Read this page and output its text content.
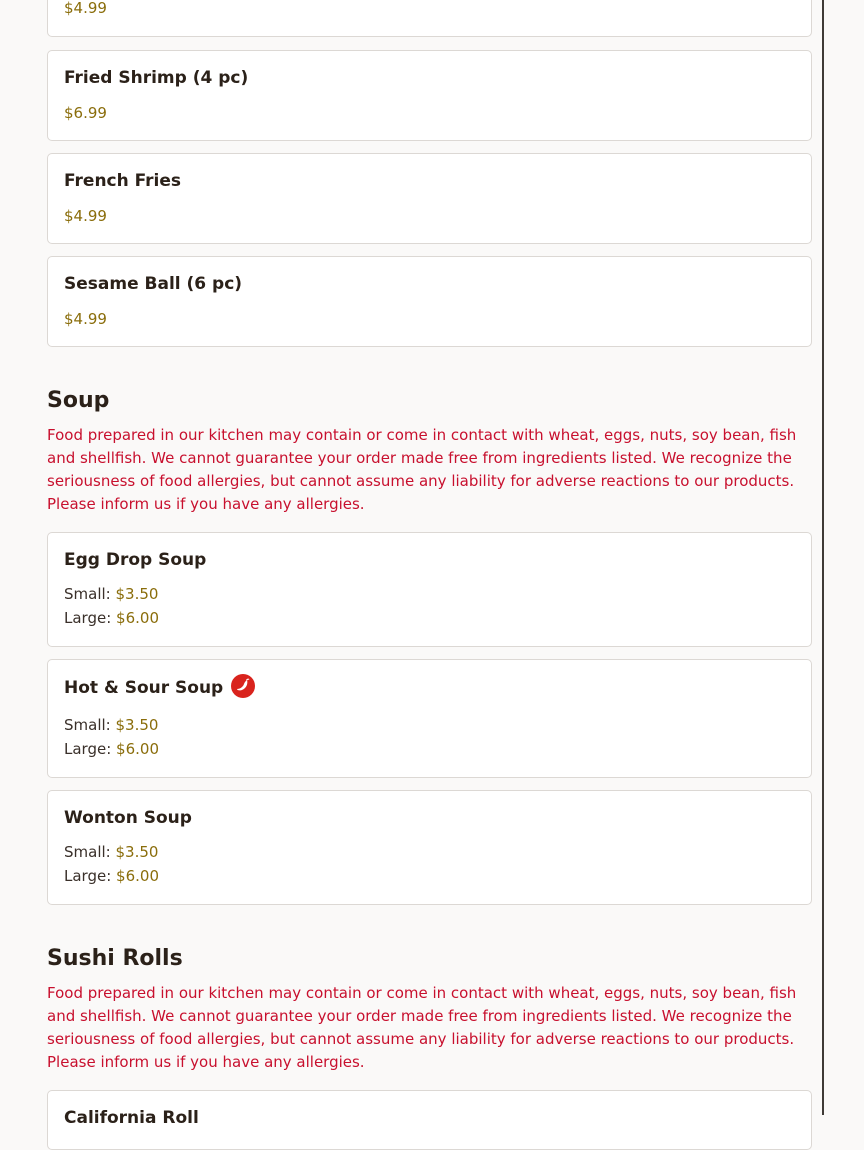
$4.99
Fried Shrimp (4 pc)
$6.99
French Fries
$4.99
Sesame Ball (6 pc)
$4.99
Soup
Food prepared in our kitchen may contain or come in contact with wheat, eggs, nuts, soy bean, fish and shellfish. We cannot guarantee your order made free from ingredients listed. We recognize the seriousness of food allergies, but cannot assume any liability for adverse reactions to our products. Please inform us if you have any allergies.
Egg Drop Soup
Small: $3.50
Large: $6.00
Hot & Sour Soup
Small: $3.50
Large: $6.00
Wonton Soup
Small: $3.50
Large: $6.00
Sushi Rolls
Food prepared in our kitchen may contain or come in contact with wheat, eggs, nuts, soy bean, fish and shellfish. We cannot guarantee your order made free from ingredients listed. We recognize the seriousness of food allergies, but cannot assume any liability for adverse reactions to our products. Please inform us if you have any allergies.
California Roll
